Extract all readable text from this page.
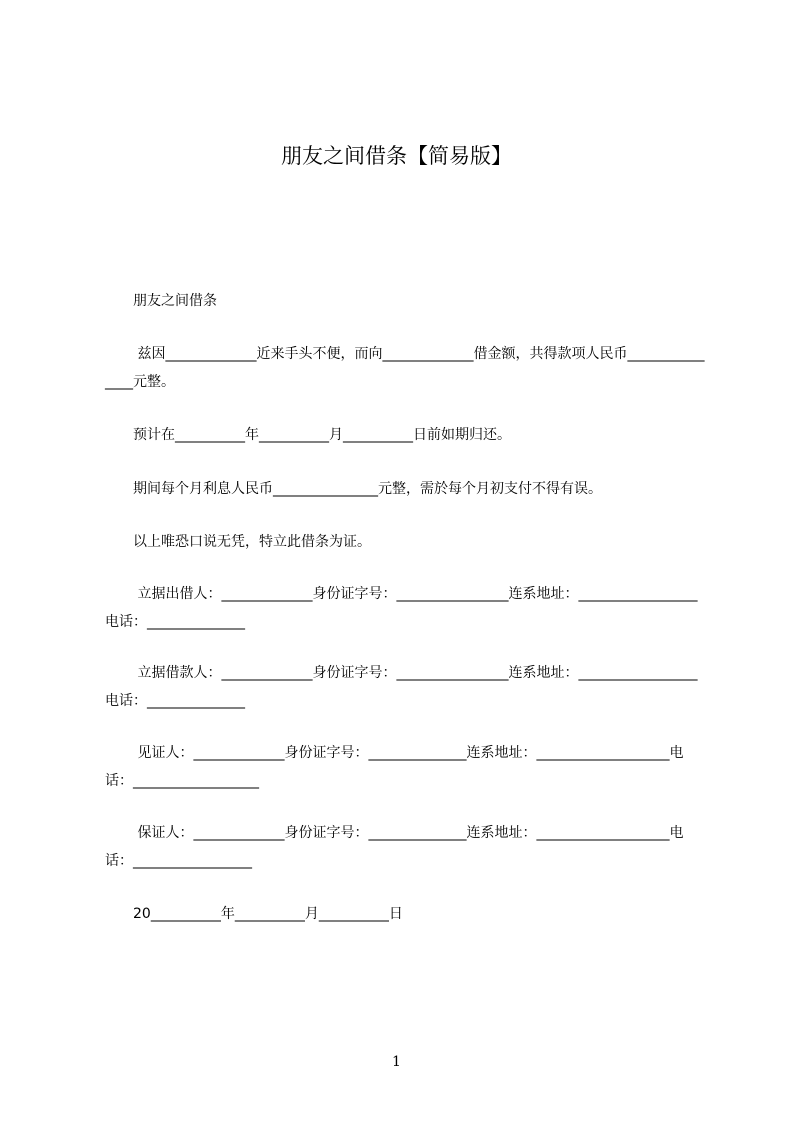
朋友之间借条【简易版】
　　朋友之间借条
　　 兹因_____________近来手头不便，而向_____________借金额，共得款项人民币_______________元整。
　　预计在__________年__________月__________日前如期归还。
　　期间每个月利息人民币_______________元整，需於每个月初支付不得有误。
　　以上唯恐口说无凭，特立此借条为证。
　　 立据出借人：_____________身份证字号：________________连系地址：_________________电话：______________
　　 立据借款人：_____________身份证字号：________________连系地址：_________________电话：______________
　　 见证人：_____________身份证字号：______________连系地址：___________________电话：__________________
　　 保证人：_____________身份证字号：______________连系地址：___________________电话：_________________
　　20__________年__________月__________日
1
